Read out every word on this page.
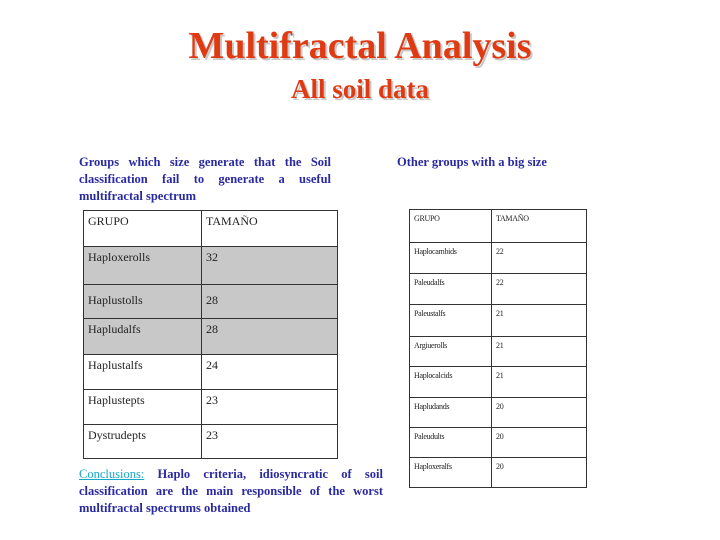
Multifractal Analysis
All soil data
Groups which size generate that the Soil classification fail to generate a useful multifractal spectrum
Other groups with a big size
GRUPO	TAMAÑO
Haploxerolls	32
Haplustolls	28
Hapludalfs	28
Haplustalfs	24
Haplustepts	23
Dystrudepts	23
GRUPO	TAMAÑO
Haplocambids	22
Paleudalfs	22
Paleustalfs	21
Argiuerolls	21
Haplocalcids	21
Hapludands	20
Paleudults	20
Haploxeralfs	20
Conclusions: Haplo criteria, idiosyncratic of soil classification are the main responsible of the worst multifractal spectrums obtained
